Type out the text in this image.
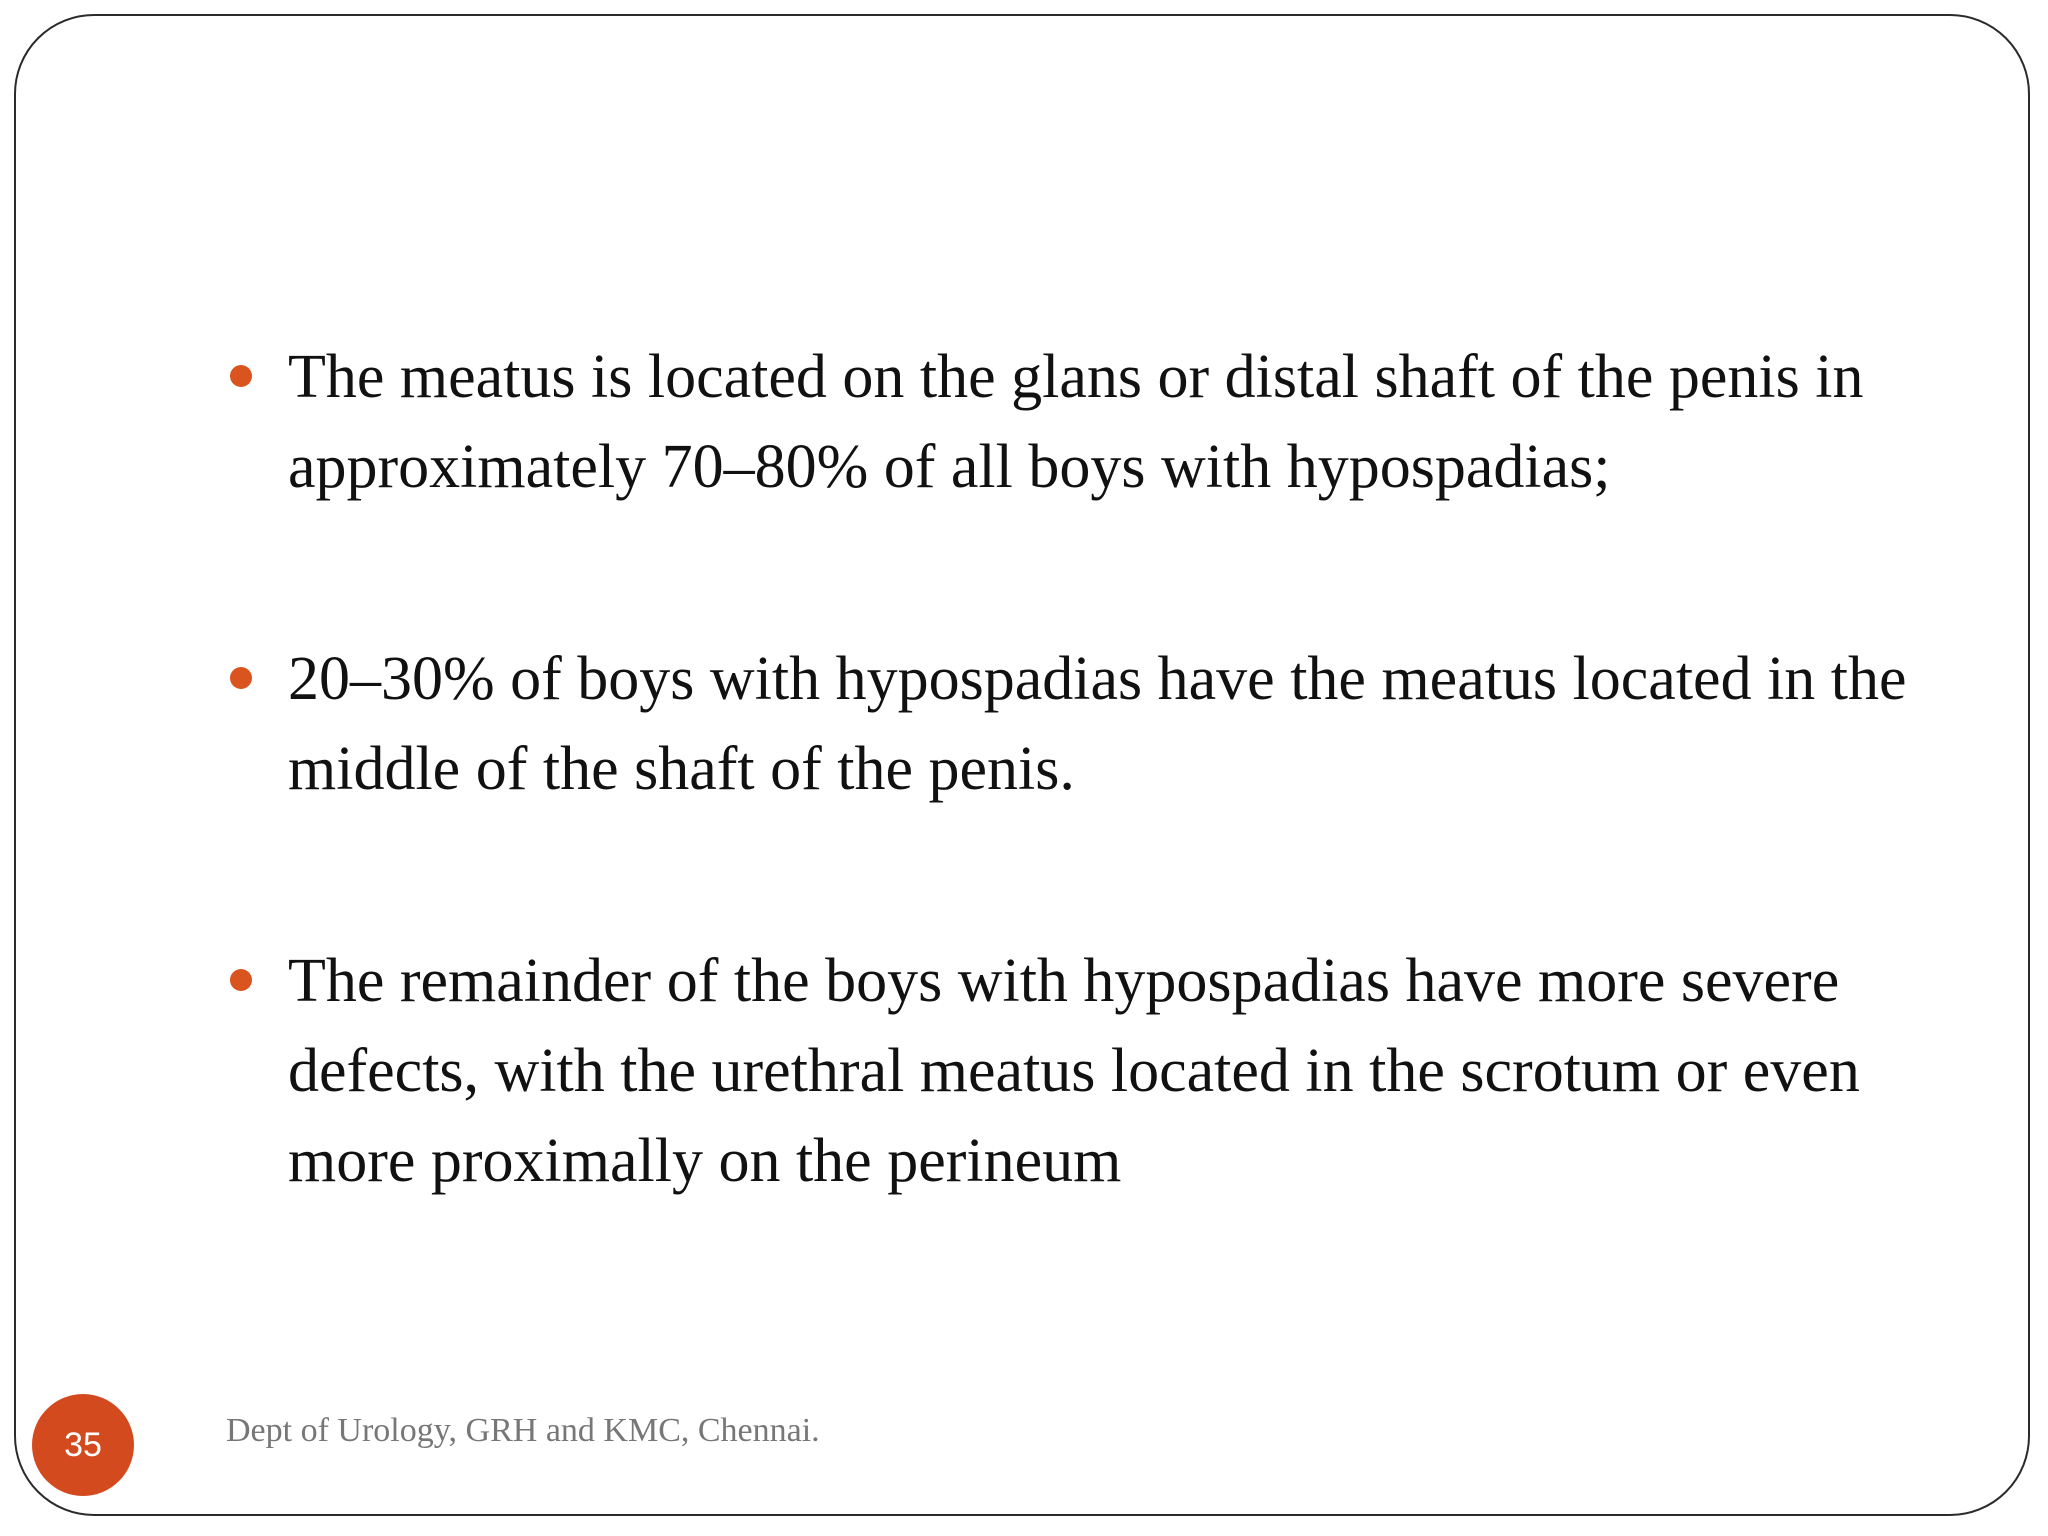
The meatus is located on the glans or distal shaft of the penis in approximately 70–80% of all boys with hypospadias;
20–30% of boys with hypospadias have the meatus located in the middle of the shaft of the penis.
The remainder of the boys with hypospadias have more severe defects, with the urethral meatus located in the scrotum or even more proximally on the perineum
35	Dept of Urology, GRH and KMC, Chennai.
